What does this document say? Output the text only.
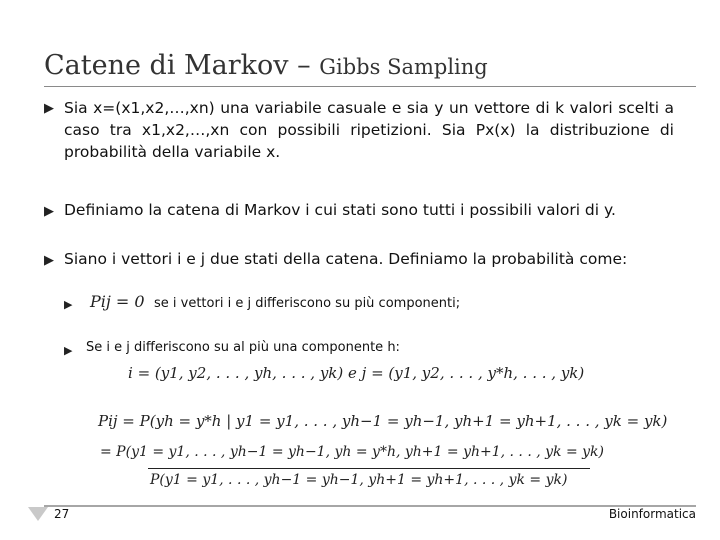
Catene di Markov – Gibbs Sampling
▶ Sia x=(x1,x2,…,xn) una variabile casuale e sia y un vettore di k valori scelti a caso tra x1,x2,…,xn con possibili ripetizioni. Sia Px(x) la distribuzione di probabilità della variabile x.
▶ Definiamo la catena di Markov i cui stati sono tutti i possibili valori di y.
▶ Siano i vettori i e j due stati della catena. Definiamo la probabilità come:
▶ Pij = 0 se i vettori i e j differiscono su più componenti;
▶ Se i e j differiscono su al più una componente h:
i = (y1, y2, . . . , yh, . . . , yk) e j = (y1, y2, . . . , y*h, . . . , yk)
Pij = P(yh = y*h | y1 = y1, . . . , yh−1 = yh−1, yh+1 = yh+1, . . . , yk = yk)
= P(y1 = y1, . . . , yh−1 = yh−1, yh = y*h, yh+1 = yh+1, . . . , yk = yk)
P(y1 = y1, . . . , yh−1 = yh−1, yh+1 = yh+1, . . . , yk = yk)
27	Bioinformatica
